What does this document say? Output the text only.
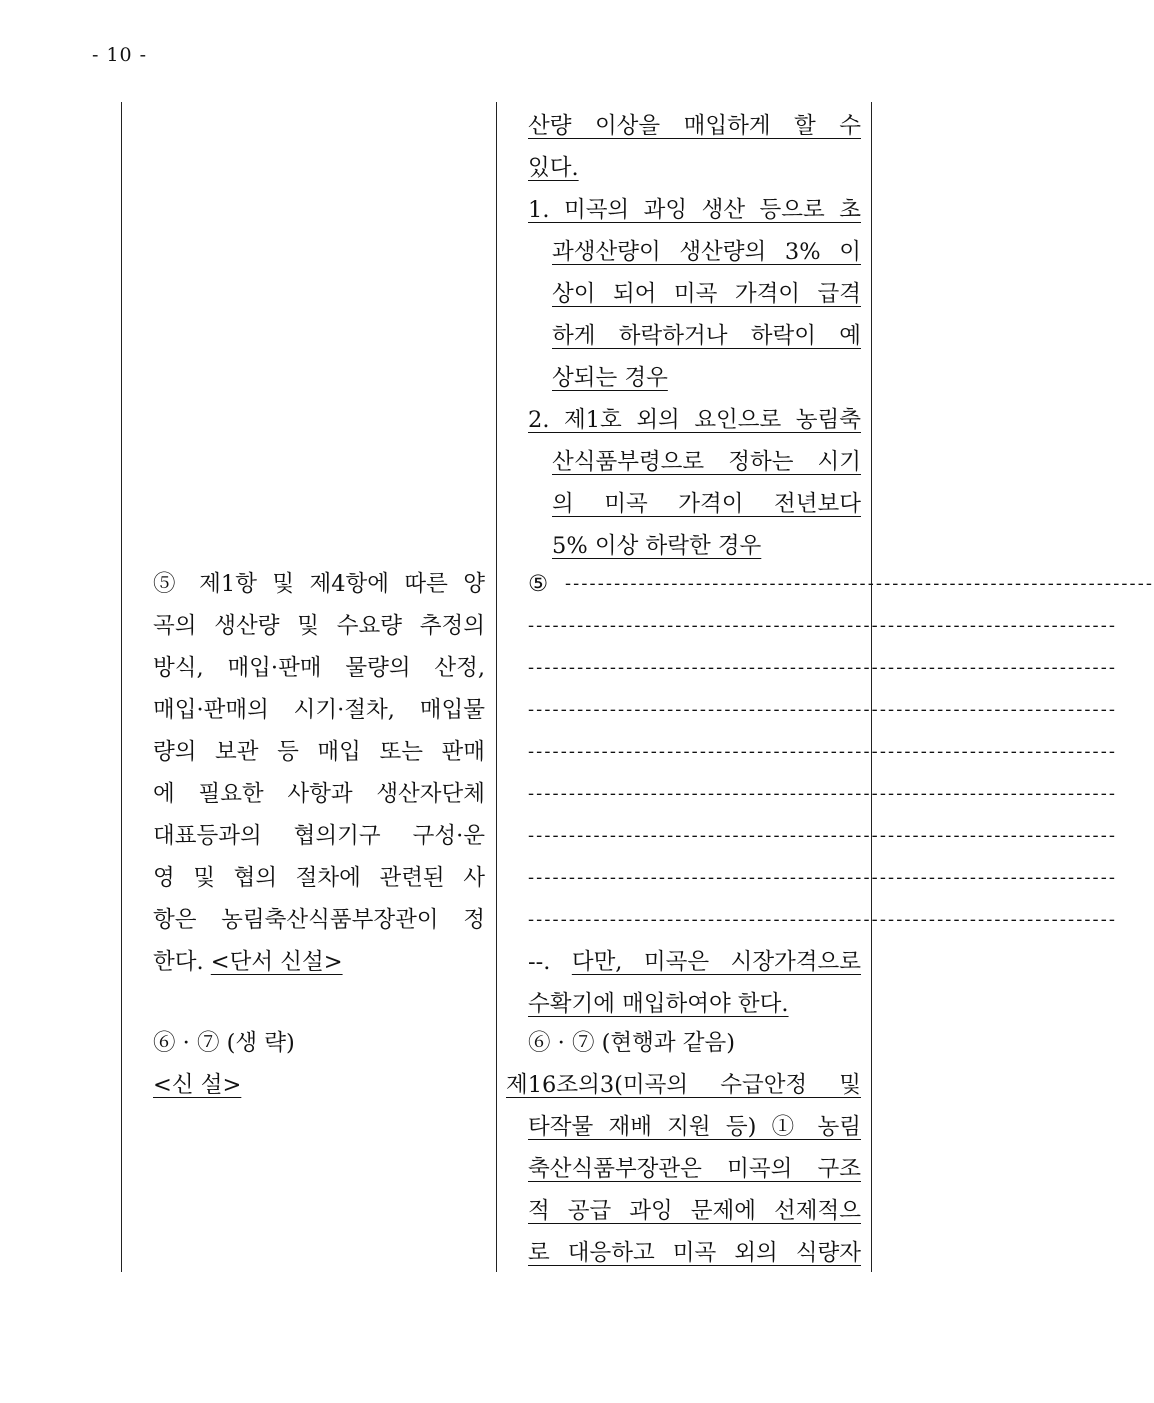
- 10 -
⑤ 제1항 및 제4항에 따른 양
곡의 생산량 및 수요량 추정의
방식, 매입·판매 물량의 산정,
매입·판매의 시기·절차, 매입물
량의 보관 등 매입 또는 판매
에 필요한 사항과 생산자단체
대표등과의 협의기구 구성·운
영 및 협의 절차에 관련된 사
항은 농림축산식품부장관이 정
한다. <단서 신설>
⑥ · ⑦ (생 략)
<신 설>
산량 이상을 매입하게 할 수
있다.
1. 미곡의 과잉 생산 등으로 초
과생산량이 생산량의 3% 이
상이 되어 미곡 가격이 급격
하게 하락하거나 하락이 예
상되는 경우
2. 제1호 외의 요인으로 농림축
산식품부령으로 정하는 시기
의 미곡 가격이 전년보다
5% 이상 하락한 경우
⑤ ------------------------------------------------------------------------
------------------------------------------------------------------------
------------------------------------------------------------------------
------------------------------------------------------------------------
------------------------------------------------------------------------
------------------------------------------------------------------------
------------------------------------------------------------------------
------------------------------------------------------------------------
------------------------------------------------------------------------
--. 다만, 미곡은 시장가격으로
수확기에 매입하여야 한다.
⑥ · ⑦ (현행과 같음)
제16조의3(미곡의 수급안정 및
타작물 재배 지원 등) ① 농림
축산식품부장관은 미곡의 구조
적 공급 과잉 문제에 선제적으
로 대응하고 미곡 외의 식량자
